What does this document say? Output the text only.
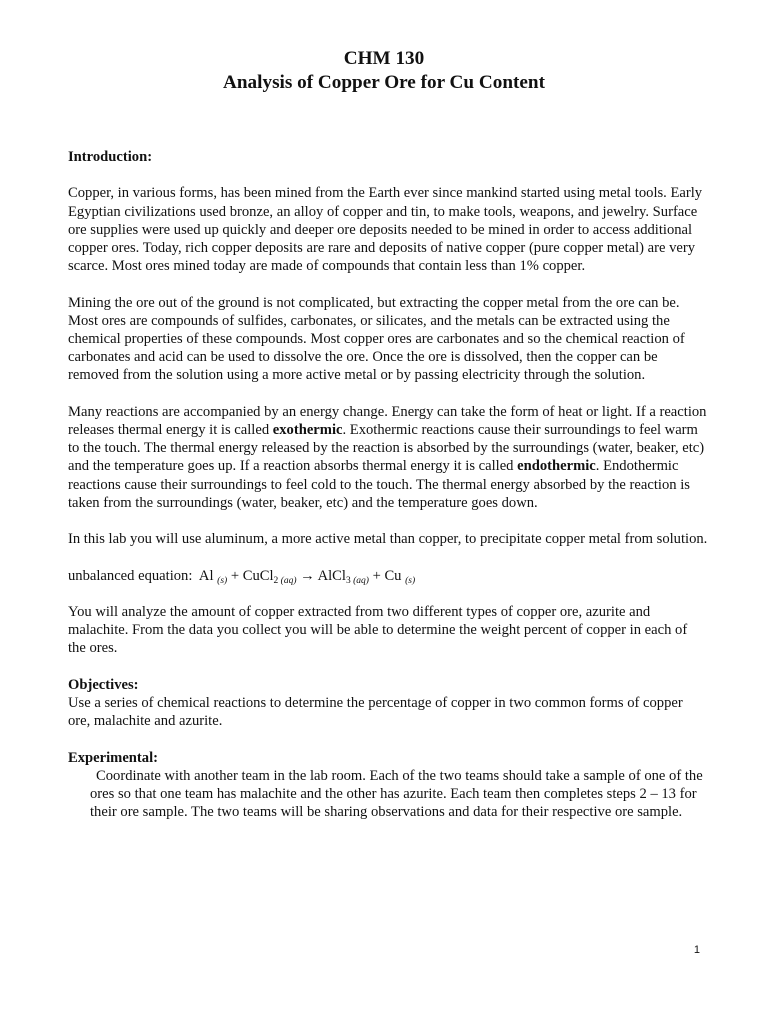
CHM 130

Analysis of Copper Ore for Cu Content

Introduction:

Copper, in various forms, has been mined from the Earth ever since mankind started using metal tools. Early Egyptian civilizations used bronze, an alloy of copper and tin, to make tools, weapons, and jewelry. Surface ore supplies were used up quickly and deeper ore deposits needed to be mined in order to access additional copper ores. Today, rich copper deposits are rare and deposits of native copper (pure copper metal) are very scarce. Most ores mined today are made of compounds that contain less than 1% copper.

Mining the ore out of the ground is not complicated, but extracting the copper metal from the ore can be. Most ores are compounds of sulfides, carbonates, or silicates, and the metals can be extracted using the chemical properties of these compounds. Most copper ores are carbonates and so the chemical reaction of carbonates and acid can be used to dissolve the ore. Once the ore is dissolved, then the copper can be removed from the solution using a more active metal or by passing electricity through the solution.

Many reactions are accompanied by an energy change. Energy can take the form of heat or light. If a reaction releases thermal energy it is called exothermic. Exothermic reactions cause their surroundings to feel warm to the touch. The thermal energy released by the reaction is absorbed by the surroundings (water, beaker, etc) and the temperature goes up. If a reaction absorbs thermal energy it is called endothermic. Endothermic reactions cause their surroundings to feel cold to the touch. The thermal energy absorbed by the reaction is taken from the surroundings (water, beaker, etc) and the temperature goes down.

In this lab you will use aluminum, a more active metal than copper, to precipitate copper metal from solution.

unbalanced equation:  Al $_{(s)}$ + CuCl$_2$ $_{(aq)}$ → AlCl$_3$ $_{(aq)}$ + Cu $_{(s)}$

You will analyze the amount of copper extracted from two different types of copper ore, azurite and malachite. From the data you collect you will be able to determine the weight percent of copper in each of the ores.

Objectives:

Use a series of chemical reactions to determine the percentage of copper in two common forms of copper ore, malachite and azurite.

Experimental:

Coordinate with another team in the lab room. Each of the two teams should take a sample of one of the ores so that one team has malachite and the other has azurite. Each team then completes steps 2 – 13 for their ore sample. The two teams will be sharing observations and data for their respective ore sample.

1
